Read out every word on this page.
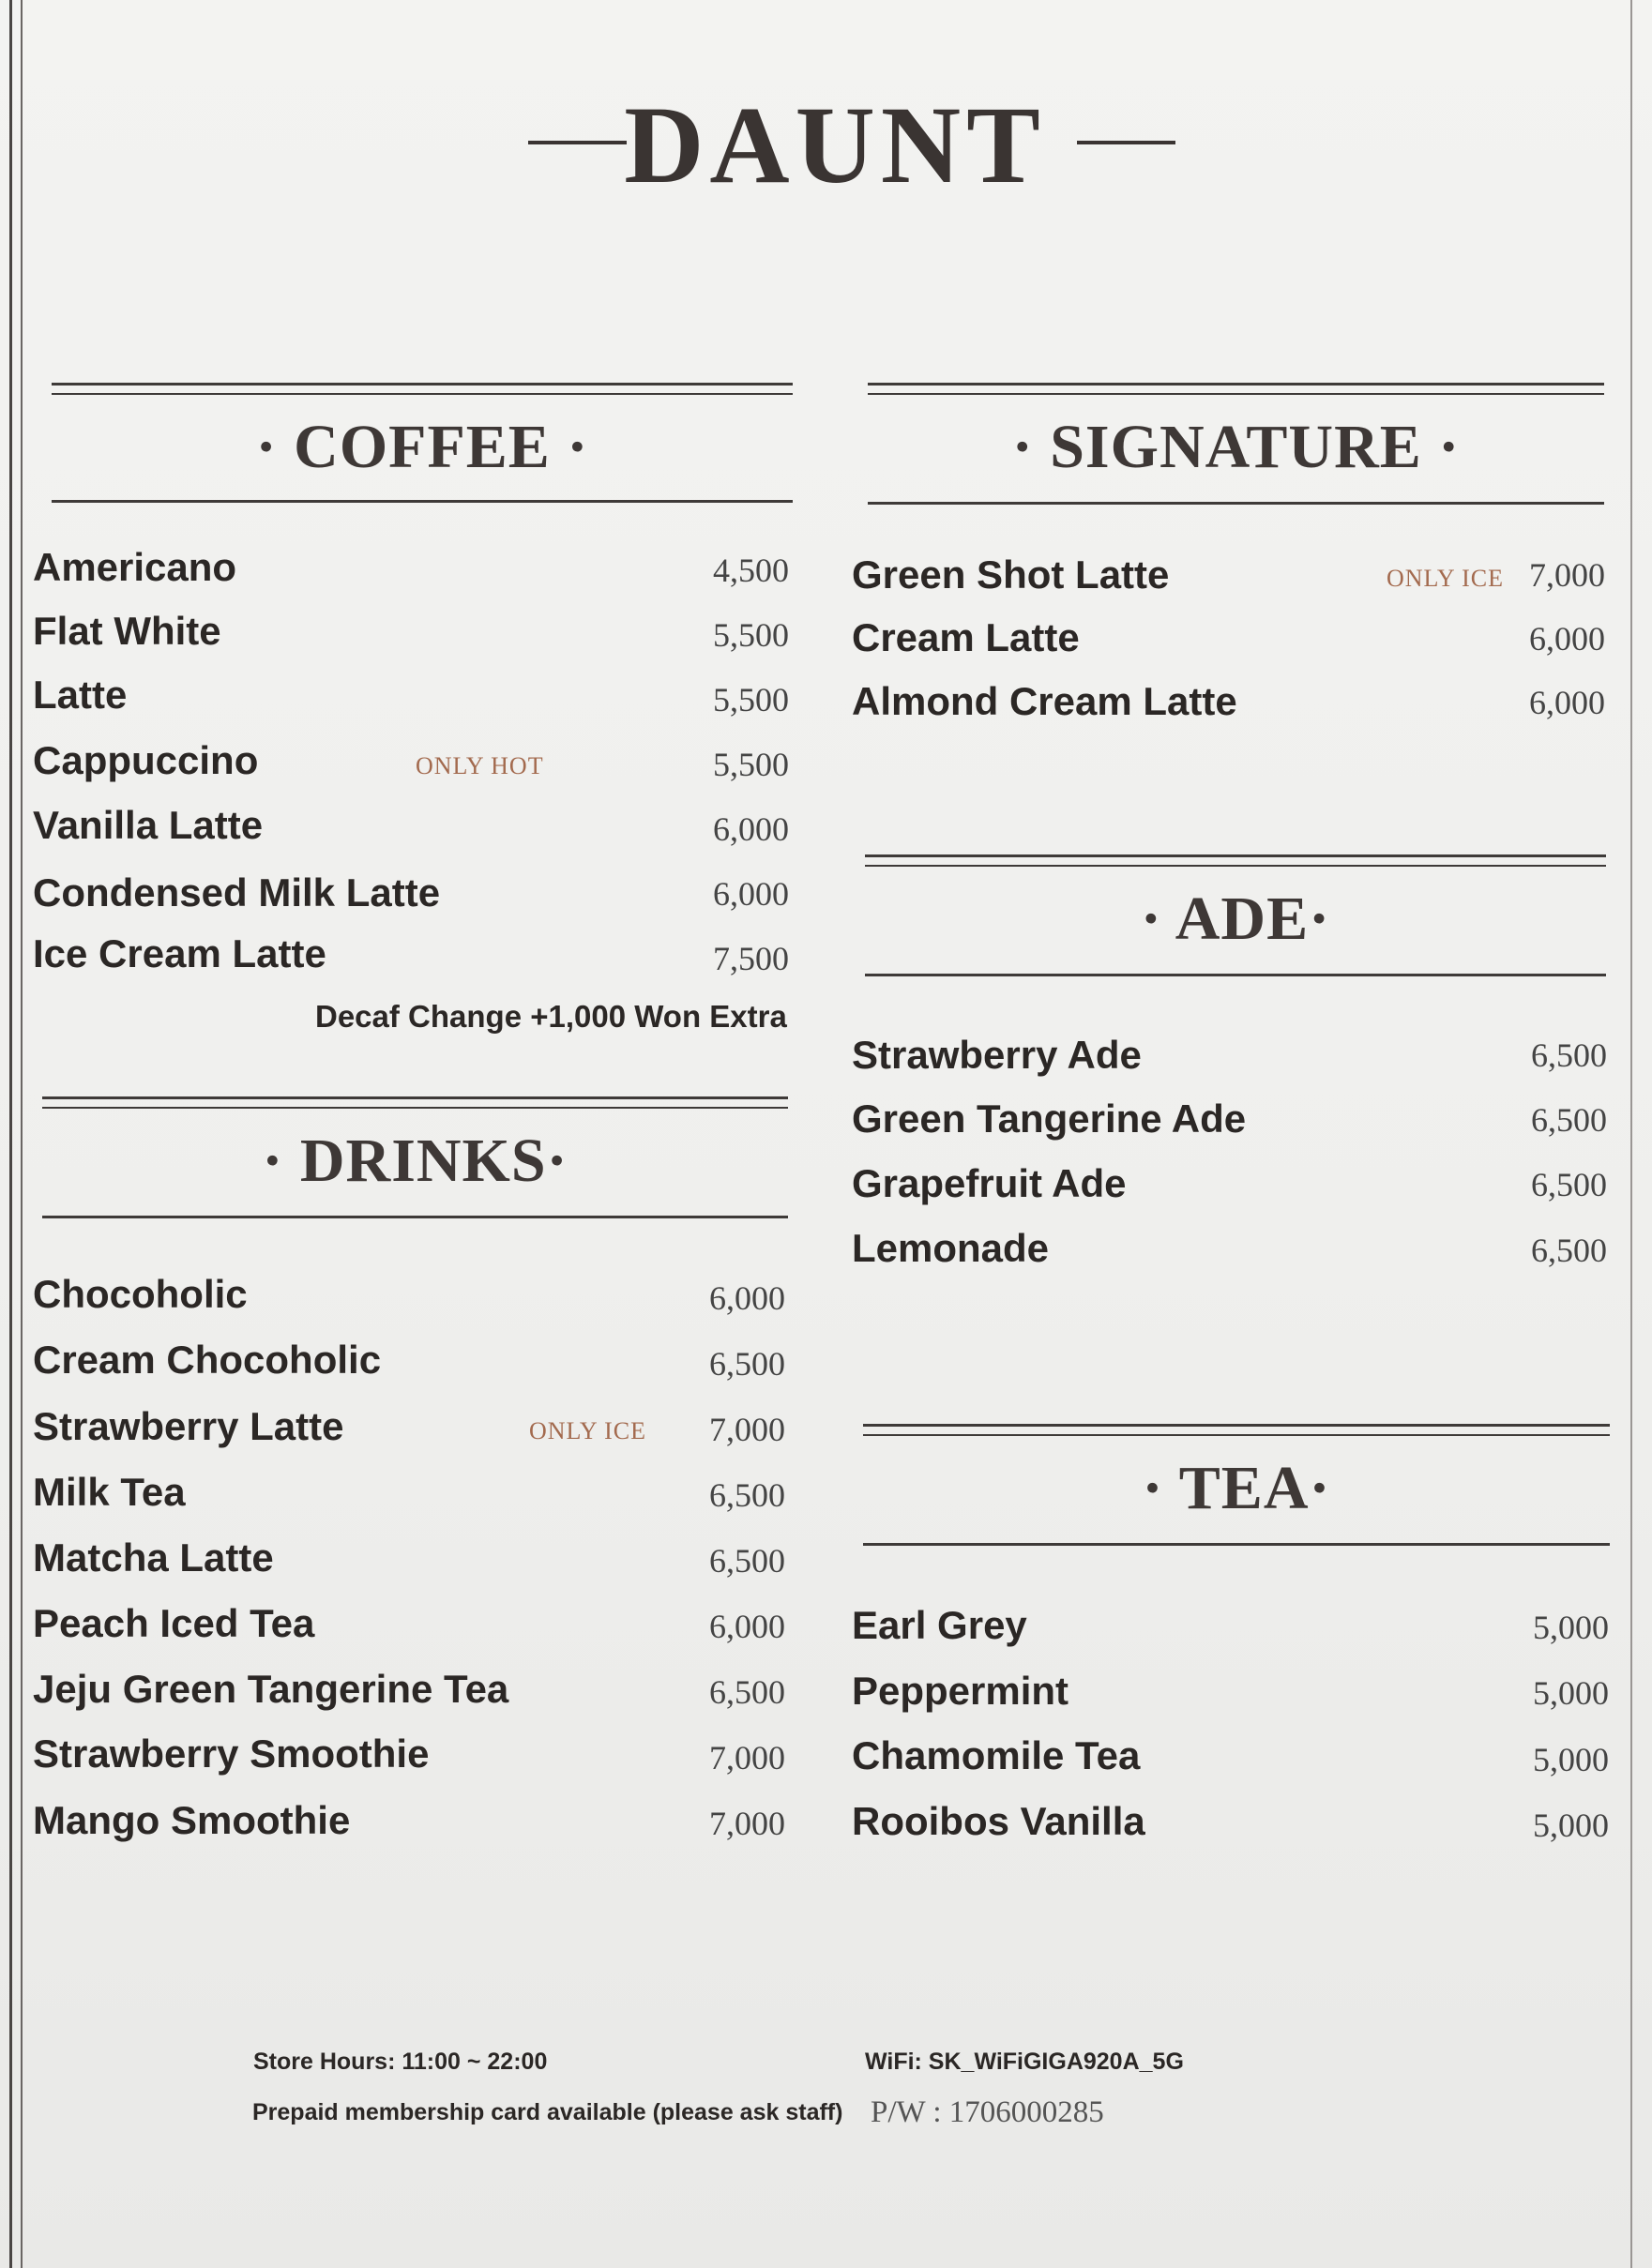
DAUNT
· COFFEE ·
Americano	4,500
Flat White	5,500
Latte	5,500
Cappuccino	ONLY HOT	5,500
Vanilla Latte	6,000
Condensed Milk Latte	6,000
Ice Cream Latte	7,500
Decaf Change +1,000 Won Extra
· DRINKS·
Chocoholic	6,000
Cream Chocoholic	6,500
Strawberry Latte	ONLY ICE 7,000
Milk Tea	6,500
Matcha Latte	6,500
Peach Iced Tea	6,000
Jeju Green Tangerine Tea	6,500
Strawberry Smoothie	7,000
Mango Smoothie	7,000
· SIGNATURE ·
Green Shot Latte	ONLY ICE 7,000
Cream Latte	6,000
Almond Cream Latte	6,000
· ADE·
Strawberry Ade	6,500
Green Tangerine Ade	6,500
Grapefruit Ade	6,500
Lemonade	6,500
· TEA·
Earl Grey	5,000
Peppermint	5,000
Chamomile Tea	5,000
Rooibos Vanilla	5,000
Store Hours: 11:00 ~ 22:00
Prepaid membership card available (please ask staff)
WiFi: SK_WiFiGIGA920A_5G
P/W : 1706000285
